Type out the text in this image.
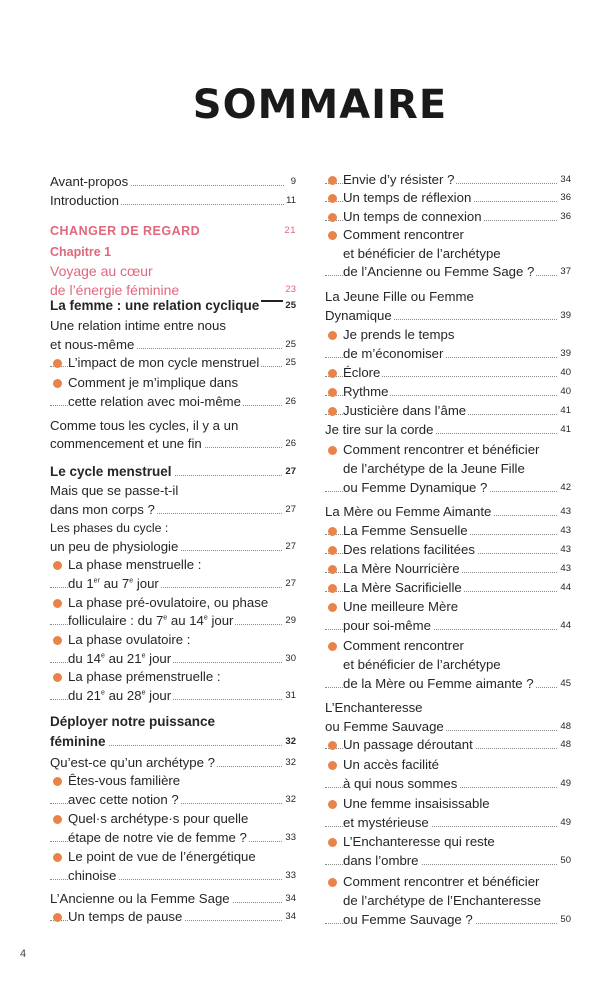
SOMMAIRE
Avant-propos	9
Introduction	11
CHANGER DE REGARD	21
Chapitre 1
Voyage au cœur
de l’énergie féminine	23
La femme : une relation cyclique	25
Une relation intime entre nous
et nous-même	25
L’impact de mon cycle menstruel	25
Comment je m’implique dans
cette relation avec moi-même	26
Comme tous les cycles, il y a un
commencement et une fin	26
Le cycle menstruel	27
Mais que se passe-t-il
dans mon corps ?	27
Les phases du cycle :
un peu de physiologie	27
La phase menstruelle :
du 1er au 7e jour	27
La phase pré-ovulatoire, ou phase
folliculaire : du 7e au 14e jour	29
La phase ovulatoire :
du 14e au 21e jour	30
La phase prémenstruelle :
du 21e au 28e jour	31
Déployer notre puissance
féminine	32
Qu’est-ce qu’un archétype ?	32
Êtes-vous familière
avec cette notion ?	32
Quel·s archétype·s pour quelle
étape de notre vie de femme ?	33
Le point de vue de l’énergétique
chinoise	33
L’Ancienne ou la Femme Sage	34
Un temps de pause	34
Envie d’y résister ?	34
Un temps de réflexion	36
Un temps de connexion	36
Comment rencontrer
et bénéficier de l’archétype
de l’Ancienne ou Femme Sage ?	37
La Jeune Fille ou Femme
Dynamique	39
Je prends le temps
de m’économiser	39
Éclore	40
Rythme	40
Justicière dans l’âme	41
Je tire sur la corde	41
Comment rencontrer et bénéficier
de l’archétype de la Jeune Fille
ou Femme Dynamique ?	42
La Mère ou Femme Aimante	43
La Femme Sensuelle	43
Des relations facilitées	43
La Mère Nourricière	43
La Mère Sacrificielle	44
Une meilleure Mère
pour soi-même	44
Comment rencontrer
et bénéficier de l’archétype
de la Mère ou Femme aimante ?	45
L’Enchanteresse
ou Femme Sauvage	48
Un passage déroutant	48
Un accès facilité
à qui nous sommes	49
Une femme insaisissable
et mystérieuse	49
L’Enchanteresse qui reste
dans l’ombre	50
Comment rencontrer et bénéficier
de l’archétype de l’Enchanteresse
ou Femme Sauvage ?	50
4
